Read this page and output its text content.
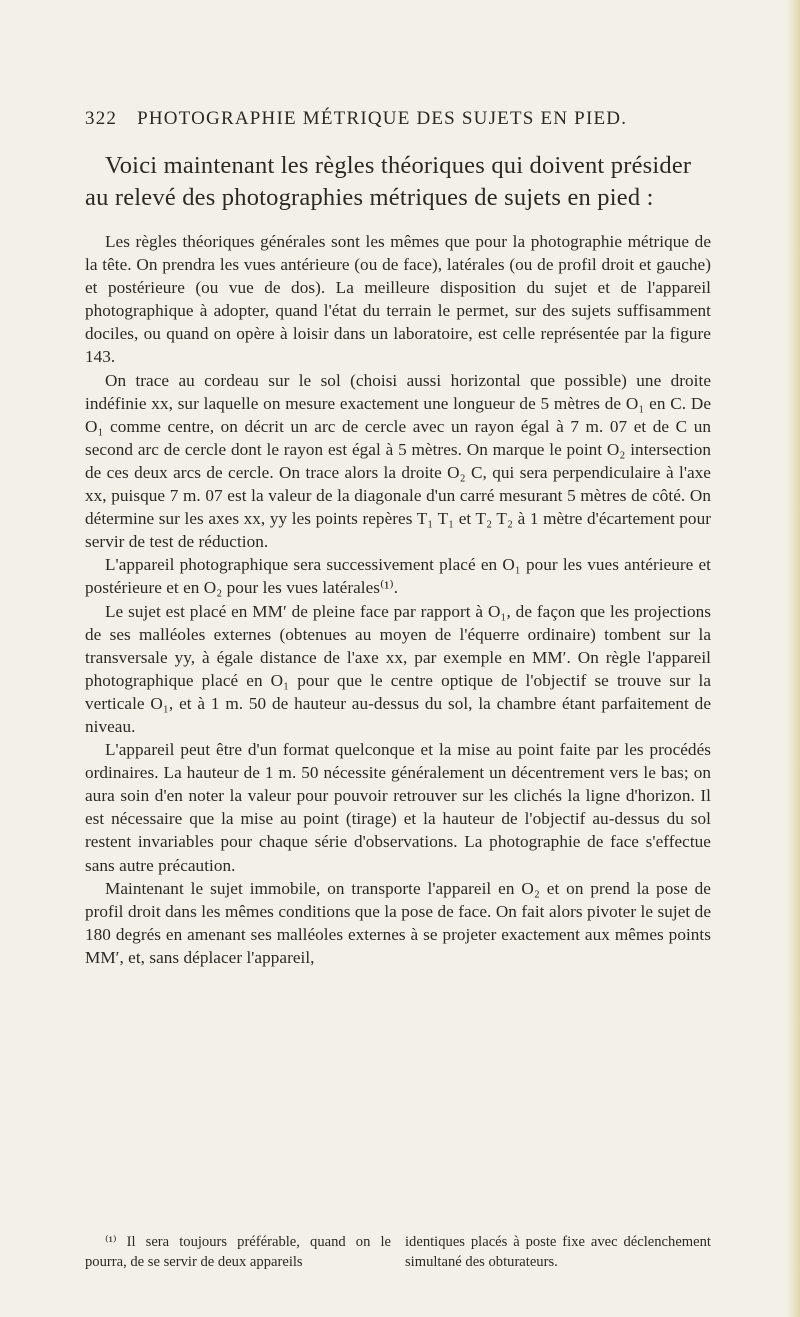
322 PHOTOGRAPHIE MÉTRIQUE DES SUJETS EN PIED.
Voici maintenant les règles théoriques qui doivent présider
au relevé des photographies métriques de sujets en pied :

Les règles théoriques générales sont les mêmes que pour la photographie métrique de la tête. On prendra les vues antérieure (ou de face), latérales (ou de profil droit et gauche) et postérieure (ou vue de dos). La meilleure disposition du sujet et de l'appareil photographique à adopter, quand l'état du terrain le permet, sur des sujets suffisamment dociles, ou quand on opère à loisir dans un laboratoire, est celle représentée par la figure 143.

On trace au cordeau sur le sol (choisi aussi horizontal que possible) une droite indéfinie xx, sur laquelle on mesure exactement une longueur de 5 mètres de O₁ en C. De O₁ comme centre, on décrit un arc de cercle avec un rayon égal à 7 m. 07 et de C un second arc de cercle dont le rayon est égal à 5 mètres. On marque le point O₂ intersection de ces deux arcs de cercle. On trace alors la droite O₂ C, qui sera perpendiculaire à l'axe xx, puisque 7 m. 07 est la valeur de la diagonale d'un carré mesurant 5 mètres de côté. On détermine sur les axes xx, yy les points repères T₁ T₁ et T₂ T₂ à 1 mètre d'écartement pour servir de test de réduction.

L'appareil photographique sera successivement placé en O₁ pour les vues antérieure et postérieure et en O₂ pour les vues latérales⁽¹⁾.

Le sujet est placé en MM′ de pleine face par rapport à O₁, de façon que les projections de ses malléoles externes (obtenues au moyen de l'équerre ordinaire) tombent sur la transversale yy, à égale distance de l'axe xx, par exemple en MM′. On règle l'appareil photographique placé en O₁ pour que le centre optique de l'objectif se trouve sur la verticale O₁, et à 1 m. 50 de hauteur au-dessus du sol, la chambre étant parfaitement de niveau.

L'appareil peut être d'un format quelconque et la mise au point faite par les procédés ordinaires. La hauteur de 1 m. 50 nécessite généralement un décentrement vers le bas; on aura soin d'en noter la valeur pour pouvoir retrouver sur les clichés la ligne d'horizon. Il est nécessaire que la mise au point (tirage) et la hauteur de l'objectif au-dessus du sol restent invariables pour chaque série d'observations. La photographie de face s'effectue sans autre précaution.

Maintenant le sujet immobile, on transporte l'appareil en O₂ et on prend la pose de profil droit dans les mêmes conditions que la pose de face. On fait alors pivoter le sujet de 180 degrés en amenant ses malléoles externes à se projeter exactement aux mêmes points MM′, et, sans déplacer l'appareil,

⁽¹⁾ Il sera toujours préférable, quand on le pourra, de se servir de deux appareils
identiques placés à poste fixe avec déclenchement simultané des obturateurs.
